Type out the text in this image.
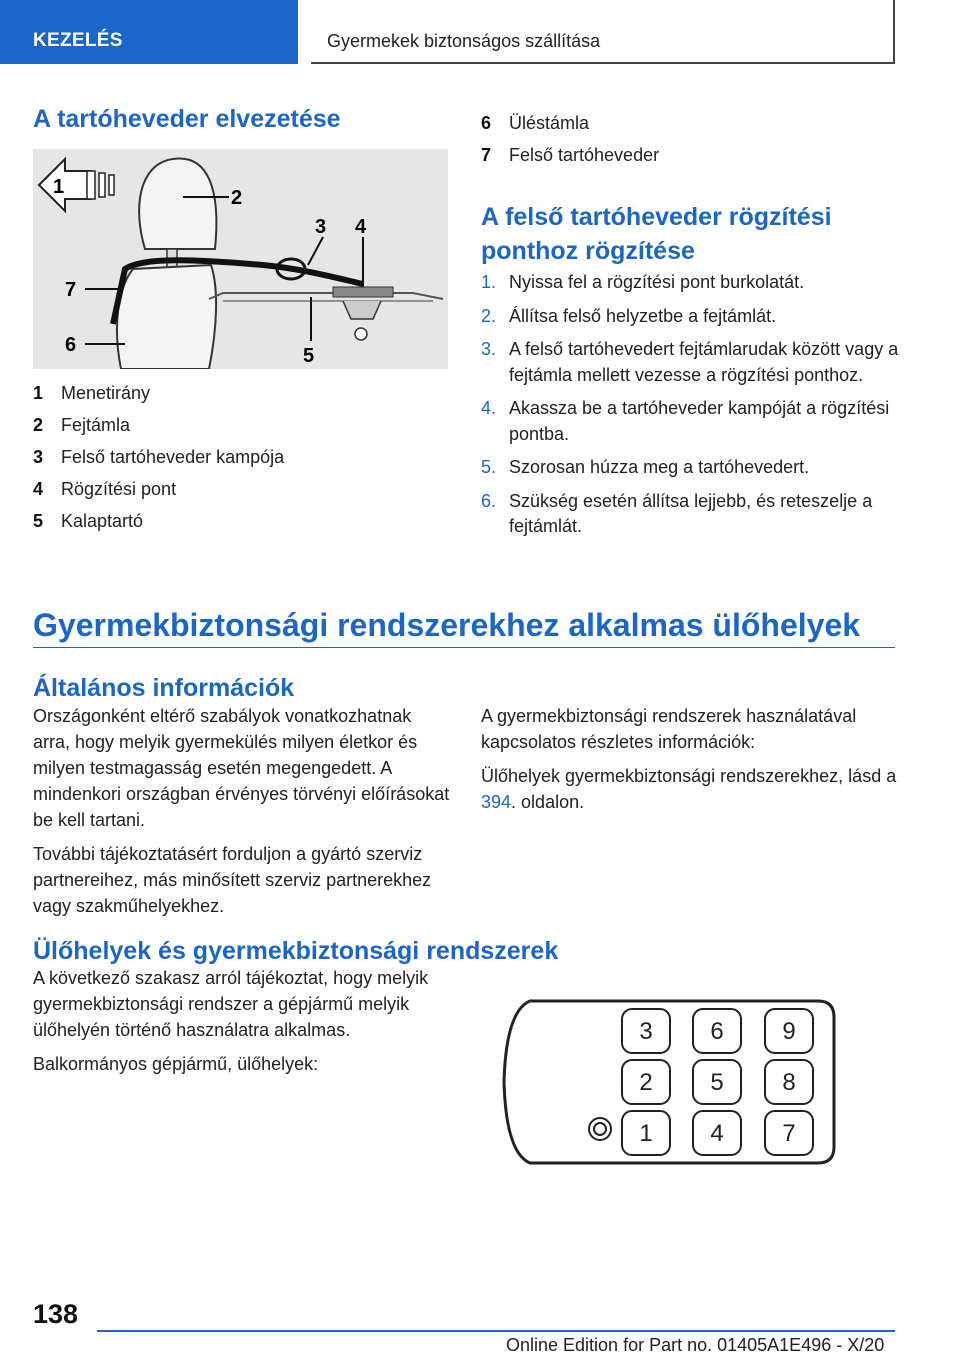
KEZELÉS	Gyermekek biztonságos szállítása
A tartóheveder elvezetése
1	2
3 4
5
6
7
1 Menetirány
2 Fejtámla
3 Felső tartóheveder kampója
4 Rögzítési pont
5 Kalaptartó
6 Üléstámla
7 Felső tartóheveder
A felső tartóheveder rögzítési ponthoz rögzítése
1. Nyissa fel a rögzítési pont burkolatát.
2. Állítsa felső helyzetbe a fejtámlát.
3. A felső tartóhevedert fejtámlarudak között vagy a fejtámla mellett vezesse a rögzítési ponthoz.
4. Akassza be a tartóheveder kampóját a rögzítési pontba.
5. Szorosan húzza meg a tartóhevedert.
6. Szükség esetén állítsa lejjebb, és reteszelje a fejtámlát.
Gyermekbiztonsági rendszerekhez alkalmas ülőhelyek
Általános információk

Országonként eltérő szabályok vonatkozhatnak arra, hogy melyik gyermekülés milyen életkor és milyen testmagasság esetén megengedett. A mindenkori országban érvényes törvényi előírásokat be kell tartani.

További tájékoztatásért forduljon a gyártó szerviz partnereihez, más minősített szerviz partnerekhez vagy szakműhelyekhez.

A gyermekbiztonsági rendszerek használatával kapcsolatos részletes információk:

Ülőhelyek gyermekbiztonsági rendszerekhez, lásd a 394. oldalon.

Ülőhelyek és gyermekbiztonsági rendszerek

A következő szakasz arról tájékoztat, hogy melyik gyermekbiztonsági rendszer a gépjármű melyik ülőhelyén történő használatra alkalmas.

Balkormányos gépjármű, ülőhelyek:

3 6 9
2 5 8
1 4 7
138
Online Edition for Part no. 01405A1E496 - X/20
